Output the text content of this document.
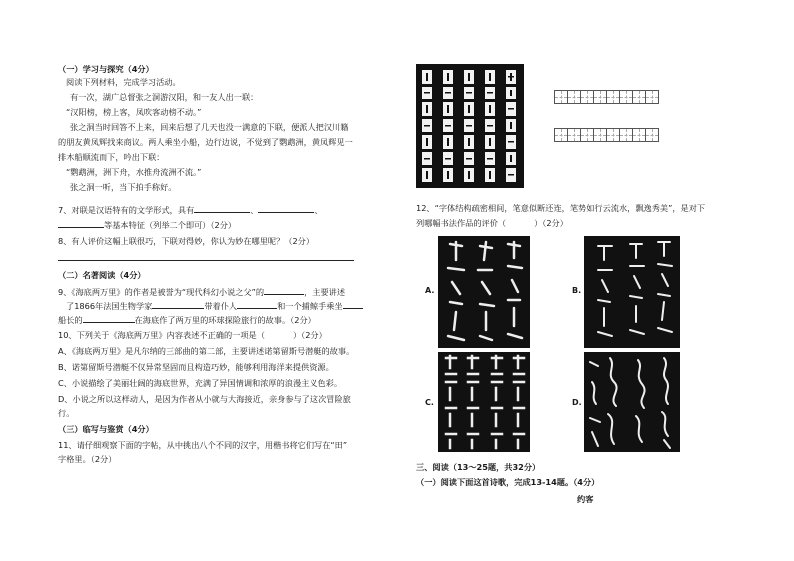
（一）学习与探究（4分）
阅读下列材料，完成学习活动。
有一次，湖广总督张之洞游汉阳，和一友人出一联：
“汉阳榜，榜上客，凤吹客动榜不动。”
张之洞当时回答不上来，回来后想了几天也没一满意的下联，便派人把汉川籍
的朋友黄凤辉找来商议。两人乘坐小船，边行边说，不觉到了鹦鹉洲，黄凤辉见一
排木船顺流而下，吟出下联：
“鹦鹉洲，洲下舟，水推舟流洲不流。”
张之洞一听，当下拍手称好。
7、对联是汉语特有的文学形式，具有	、	、
等基本特征（列举二个即可）（2分）
8、有人评价这幅上联很巧，下联对得妙，你认为妙在哪里呢？（2分）
（二）名著阅读（4分）
9、《海底两万里》的作者是被誉为“现代科幻小说之父”的	，主要讲述
了1866年法国生物学家	带着仆人	和一个捕鲸手乘坐
船长的	在海底作了两万里的环球探险旅行的故事。（2分）
10、下列关于《海底两万里》内容表述不正确的一项是（	）（2分）
A、《海底两万里》是凡尔纳的三部曲的第二部，主要讲述诺第留斯号潜艇的故事。
B、诺第留斯号潜艇不仅异常坚固而且构造巧妙，能够利用海洋来提供资源。
C、小说描绘了美丽壮阔的海底世界，充满了异国情调和浓厚的浪漫主义色彩。
D、小说之所以这样动人，是因为作者从小就与大海接近，亲身参与了这次冒险旅
行。
（三）临写与鉴赏（4分）
11、请仔细观察下面的字帖，从中挑出八个不同的汉字，用楷书将它们写在“田”
字格里。（2分）

12、“字体结构疏密相间，笔意似断还连，笔势如行云流水，飘逸秀美”，是对下
列哪幅书法作品的评价（	）（2分）
A.	B.
C.	D.
三、阅读（13～25题，共32分）
（一）阅读下面这首诗歌，完成13-14题。（4分）
约客
